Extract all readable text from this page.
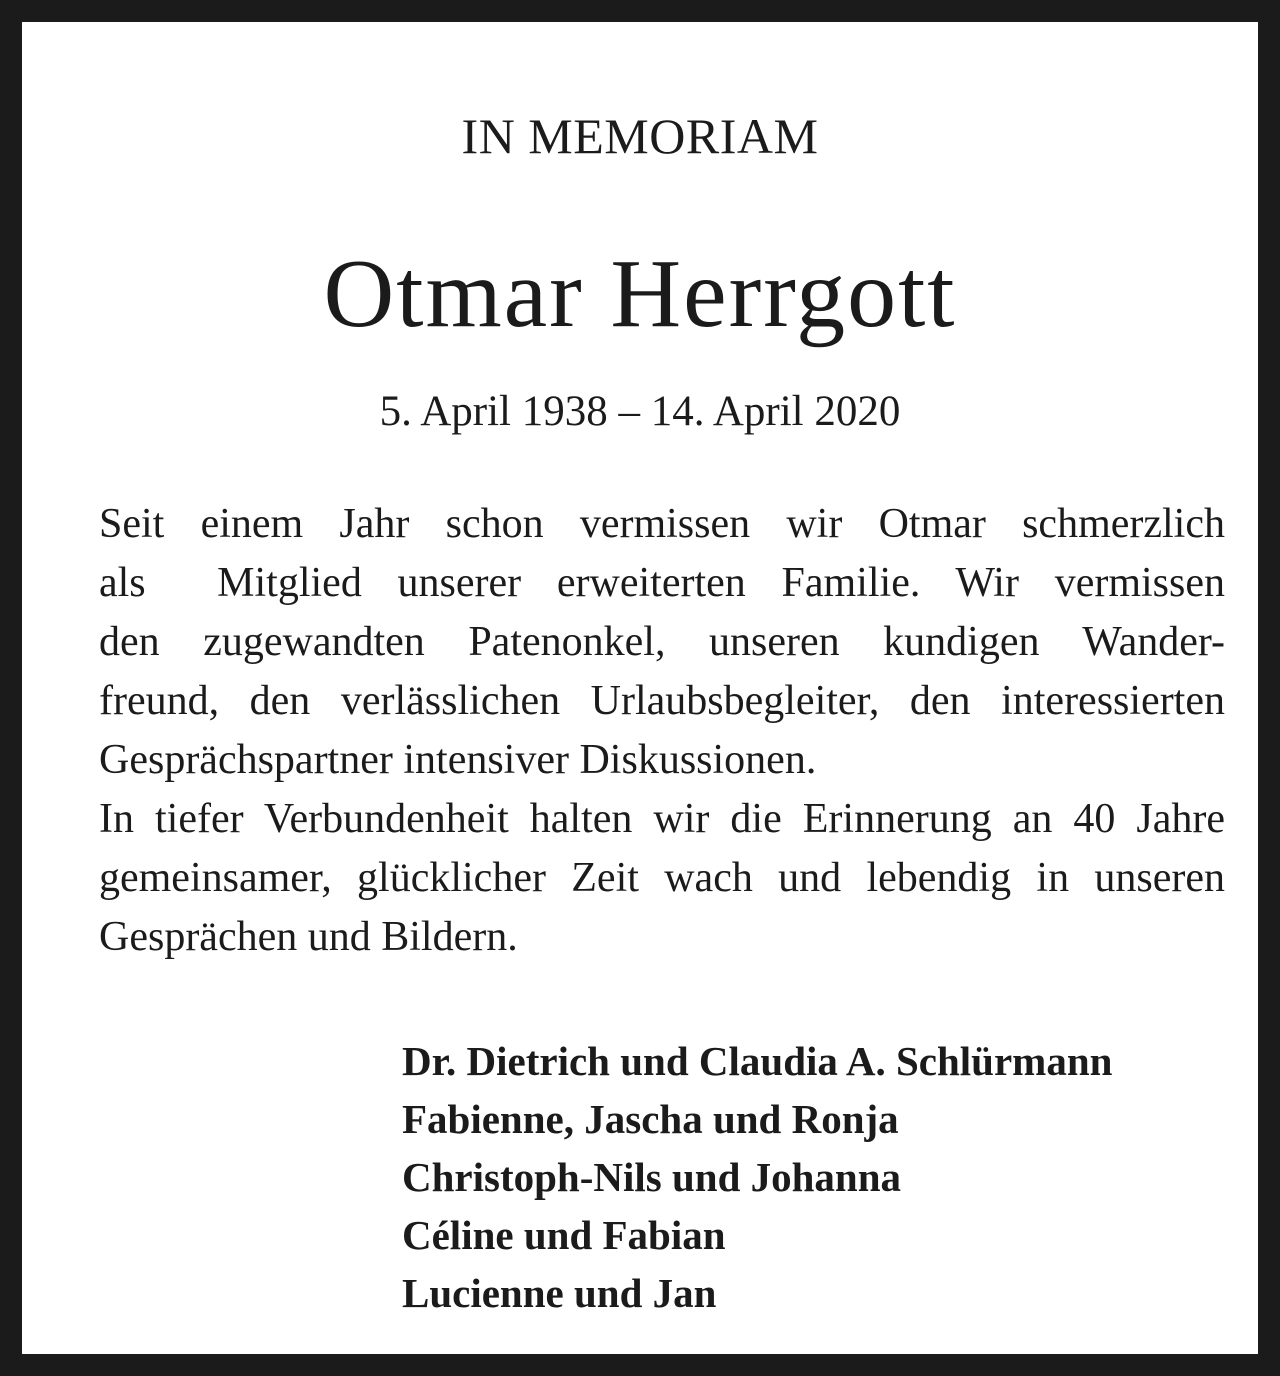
IN MEMORIAM
Otmar Herrgott
5. April 1938 – 14. April 2020
Seit einem Jahr schon vermissen wir Otmar schmerzlich
als  Mitglied unserer erweiterten Familie. Wir vermissen
den zugewandten Patenonkel, unseren kundigen Wander-
freund, den verlässlichen Urlaubsbegleiter, den interessierten
Gesprächspartner intensiver Diskussionen.
In tiefer Verbundenheit halten wir die Erinnerung an 40 Jahre
gemeinsamer, glücklicher Zeit wach und lebendig in unseren
Gesprächen und Bildern.
Dr. Dietrich und Claudia A. Schlürmann
Fabienne, Jascha und Ronja
Christoph-Nils und Johanna
Céline und Fabian
Lucienne und Jan
